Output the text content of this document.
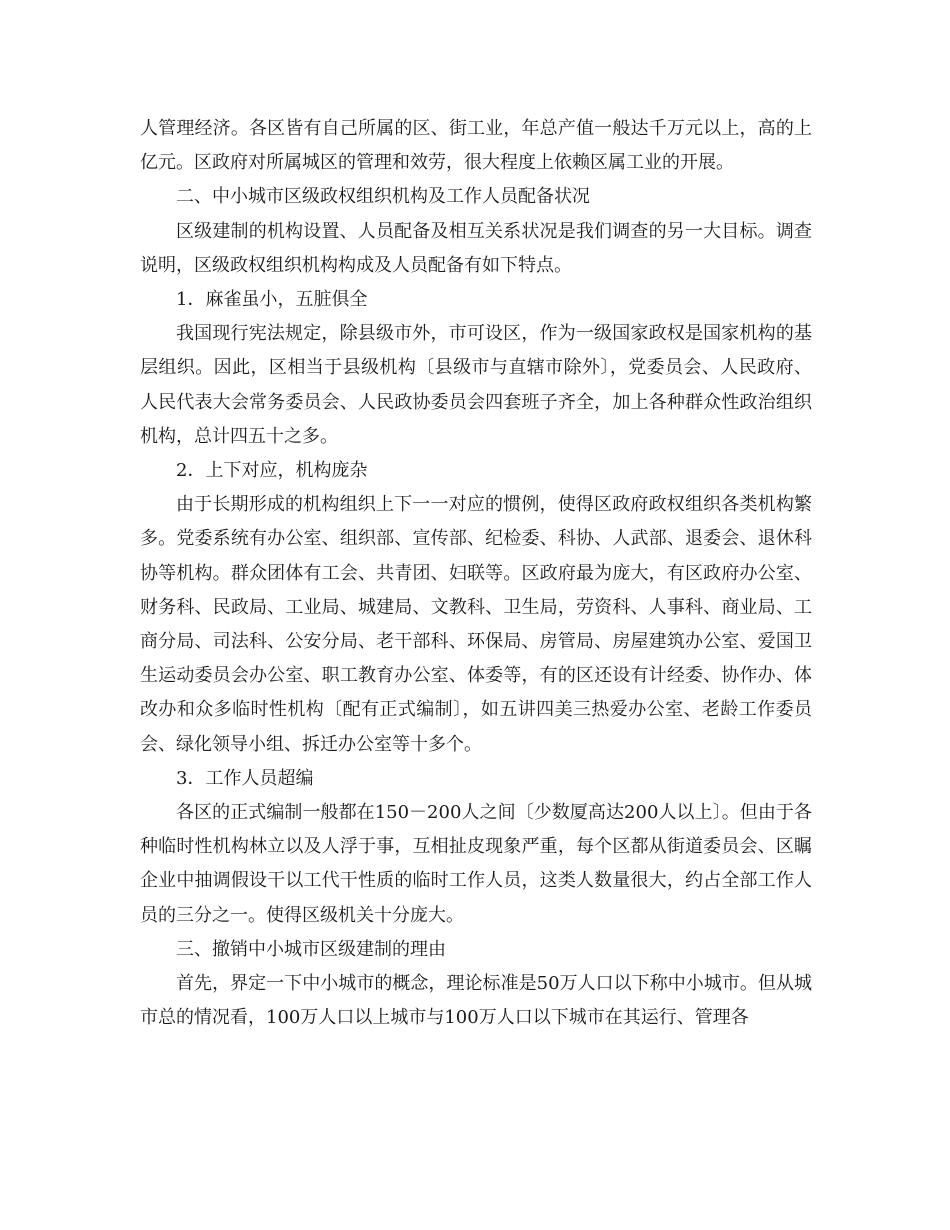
人管理经济。各区皆有自己所属的区、街工业，年总产值一般达千万元以上，高的上亿元。区政府对所属城区的管理和效劳，很大程度上依赖区属工业的开展。

二、中小城市区级政权组织机构及工作人员配备状况

区级建制的机构设置、人员配备及相互关系状况是我们调查的另一大目标。调查说明，区级政权组织机构构成及人员配备有如下特点。

1．麻雀虽小，五脏俱全

我国现行宪法规定，除县级市外，市可设区，作为一级国家政权是国家机构的基层组织。因此，区相当于县级机构〔县级市与直辖市除外〕，党委员会、人民政府、人民代表大会常务委员会、人民政协委员会四套班子齐全，加上各种群众性政治组织机构，总计四五十之多。

2．上下对应，机构庞杂

由于长期形成的机构组织上下一一对应的惯例，使得区政府政权组织各类机构繁多。党委系统有办公室、组织部、宣传部、纪检委、科协、人武部、退委会、退休科协等机构。群众团体有工会、共青团、妇联等。区政府最为庞大，有区政府办公室、财务科、民政局、工业局、城建局、文教科、卫生局，劳资科、人事科、商业局、工商分局、司法科、公安分局、老干部科、环保局、房管局、房屋建筑办公室、爱国卫生运动委员会办公室、职工教育办公室、体委等，有的区还设有计经委、协作办、体改办和众多临时性机构〔配有正式编制〕，如五讲四美三热爱办公室、老龄工作委员会、绿化领导小组、拆迁办公室等十多个。

3．工作人员超编

各区的正式编制一般都在150－200人之间〔少数厦高达200人以上〕。但由于各种临时性机构林立以及人浮于事，互相扯皮现象严重，每个区都从街道委员会、区瞩企业中抽调假设干以工代干性质的临时工作人员，这类人数量很大，约占全部工作人员的三分之一。使得区级机关十分庞大。

三、撤销中小城市区级建制的理由

首先，界定一下中小城市的概念，理论标准是50万人口以下称中小城市。但从城市总的情况看，100万人口以上城市与100万人口以下城市在其运行、管理各
